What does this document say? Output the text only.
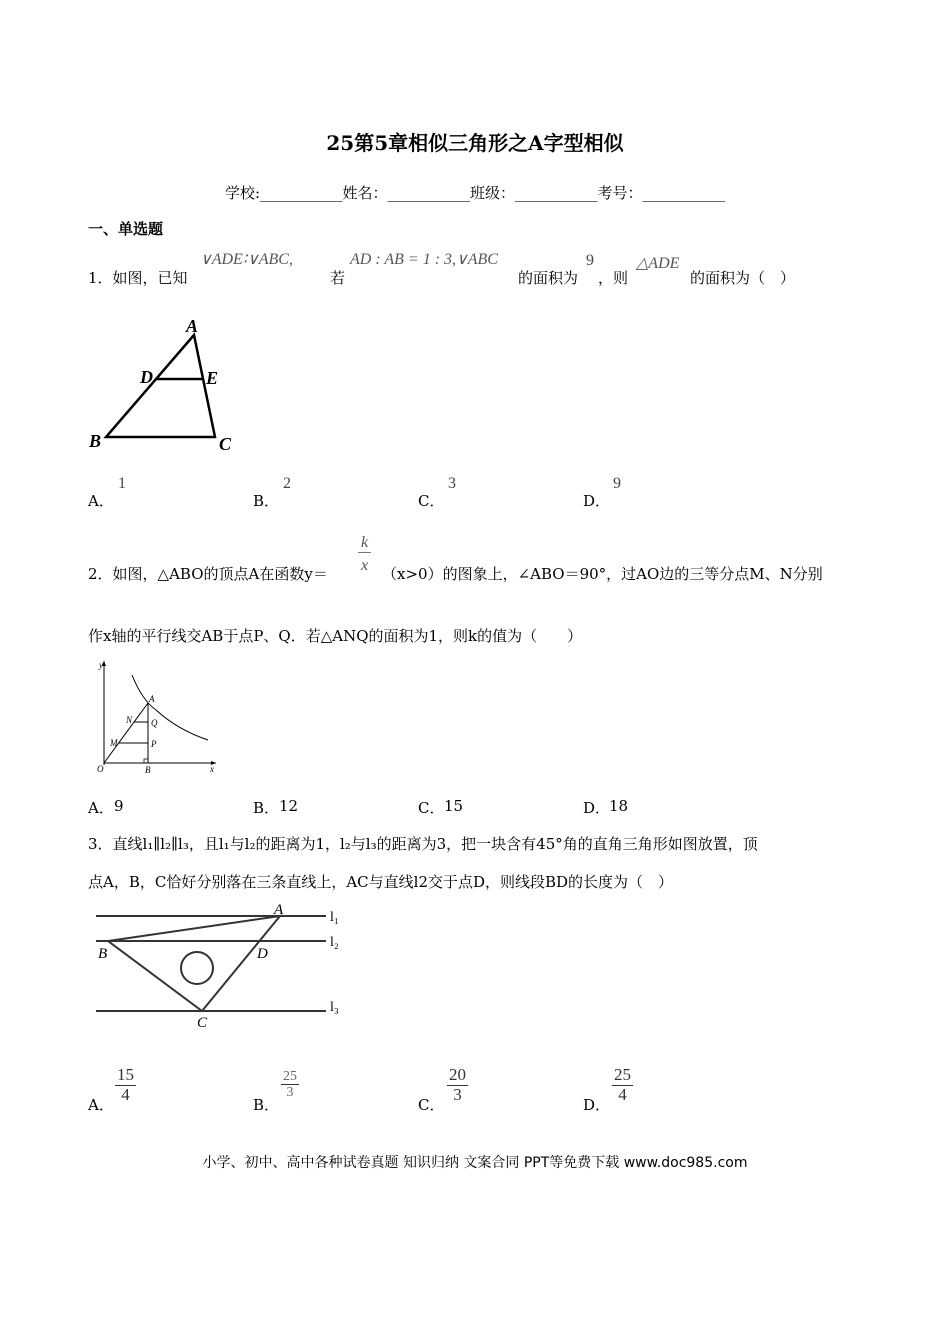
25第5章相似三角形之A字型相似
学校:___________姓名：___________班级：___________考号：___________
一、单选题
1．如图，已知
∨ADE∶∨ABC,
若
AD : AB = 1 : 3,∨ABC
的面积为
9
，则
△ADE
的面积为（　）
A
D	E
B	C
A．
1
B．
2
C．
3
D．
9
2．如图，△ABO的顶点A在函数$y= \frac{k}{x} (x>0)$的图象上，∠ABO＝90°，过AO边的三等分点M、N分别
作x轴的平行线交AB于点P、Q．若△ANQ的面积为1，则k的值为（　　）
y
x
O	B
A
N Q
M	P
A． 9	B． 12	C． 15	D．
18
3．直线l₁∥l₂∥l₃，且l₁与l₂的距离为1，l₂与l₃的距离为3，把一块含有45°角的直角三角形如图放置，顶
点A，B，C恰好分别落在三条直线上，AC与直线l2交于点D，则线段BD的长度为（　）
A
B	D
C
l₁
l₂
l₃
A．
$\frac{15}{4}$
B．
$\frac{25}{3}$
C．
$\frac{20}{3}$
D．
$\frac{25}{4}$
小学、初中、高中各种试卷真题 知识归纳 文案合同 PPT等免费下载 www.doc985.com
